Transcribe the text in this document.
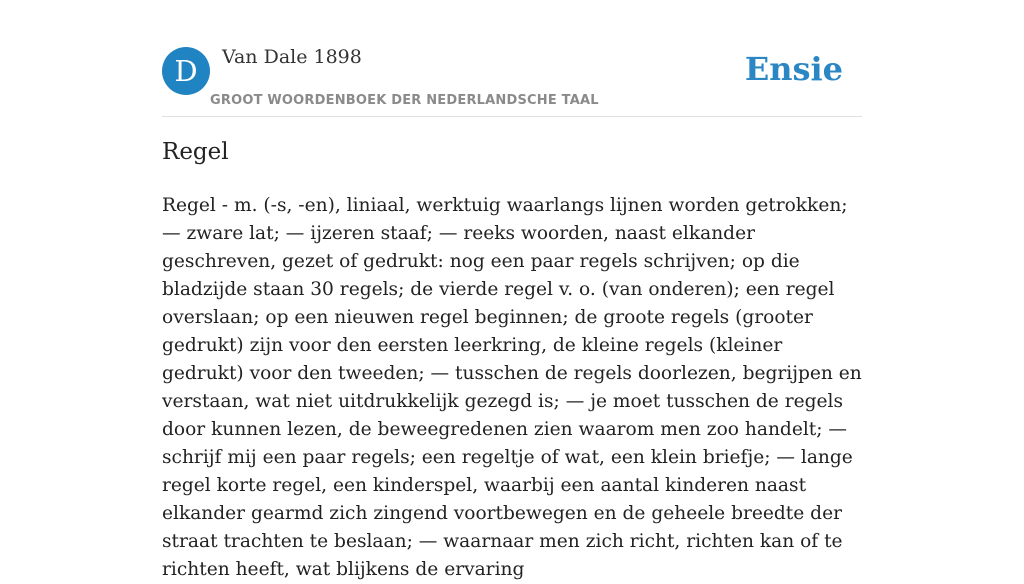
D	Van Dale 1898
GROOT WOORDENBOEK DER NEDERLANDSCHE TAAL
Ensie
Regel

Regel - m. (-s, -en), liniaal, werktuig waarlangs lijnen worden getrokken; — zware lat; — ijzeren staaf; — reeks woorden, naast elkander geschreven, gezet of gedrukt: nog een paar regels schrijven; op die bladzijde staan 30 regels; de vierde regel v. o. (van onderen); een regel overslaan; op een nieuwen regel beginnen; de groote regels (grooter gedrukt) zijn voor den eersten leerkring, de kleine regels (kleiner gedrukt) voor den tweeden; — tusschen de regels doorlezen, begrijpen en verstaan, wat niet uitdrukkelijk gezegd is; — je moet tusschen de regels door kunnen lezen, de beweegredenen zien waarom men zoo handelt; — schrijf mij een paar regels; een regeltje of wat, een klein briefje; — lange regel korte regel, een kinderspel, waarbij een aantal kinderen naast elkander gearmd zich zingend voortbewegen en de geheele breedte der straat trachten te beslaan; — waarnaar men zich richt, richten kan of te richten heeft, wat blijkens de ervaring
